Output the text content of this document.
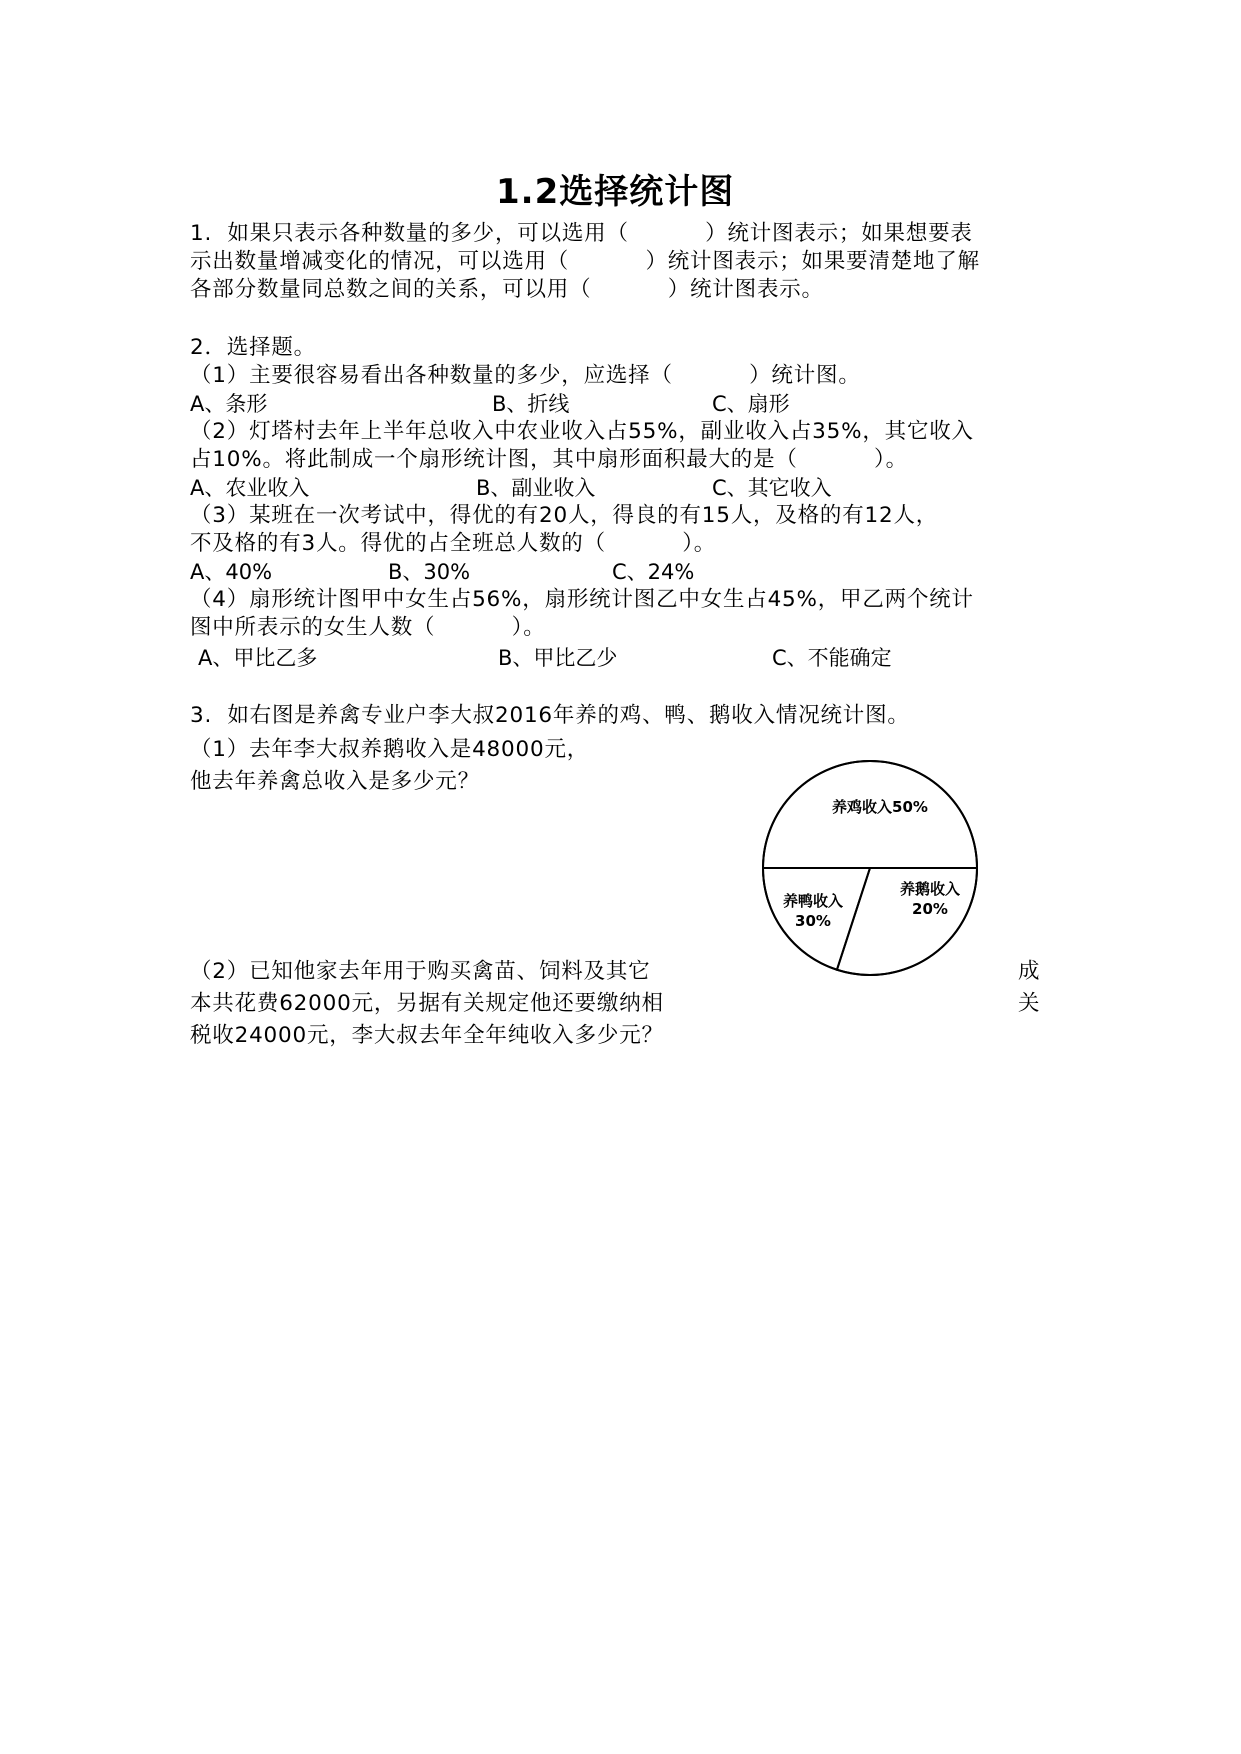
1.2选择统计图
1.  如果只表示各种数量的多少，可以选用（          ）统计图表示；如果想要表
示出数量增减变化的情况，可以选用（          ）统计图表示；如果要清楚地了解
各部分数量同总数之间的关系，可以用（          ）统计图表示。
2．选择题。
（1）主要很容易看出各种数量的多少，应选择（          ）统计图。
A、条形	B、折线	C、扇形
（2）灯塔村去年上半年总收入中农业收入占55%，副业收入占35%，其它收入
占10%。将此制成一个扇形统计图，其中扇形面积最大的是（          ）。
A、农业收入	B、副业收入	C、其它收入
（3）某班在一次考试中，得优的有20人，得良的有15人，及格的有12人，
不及格的有3人。得优的占全班总人数的（          ）。
A、40%	B、30%	C、24%
（4）扇形统计图甲中女生占56%，扇形统计图乙中女生占45%，甲乙两个统计
图中所表示的女生人数（          ）。
A、甲比乙多	B、甲比乙少	C、不能确定
3.  如右图是养禽专业户李大叔2016年养的鸡、鸭、鹅收入情况统计图。
（1）去年李大叔养鹅收入是48000元，
他去年养禽总收入是多少元？
（2）已知他家去年用于购买禽苗、饲料及其它
本共花费62000元，另据有关规定他还要缴纳相
税收24000元，李大叔去年全年纯收入多少元？
成
关
养鸡收入50%
养鸭收入
30%
养鹅收入
20%
